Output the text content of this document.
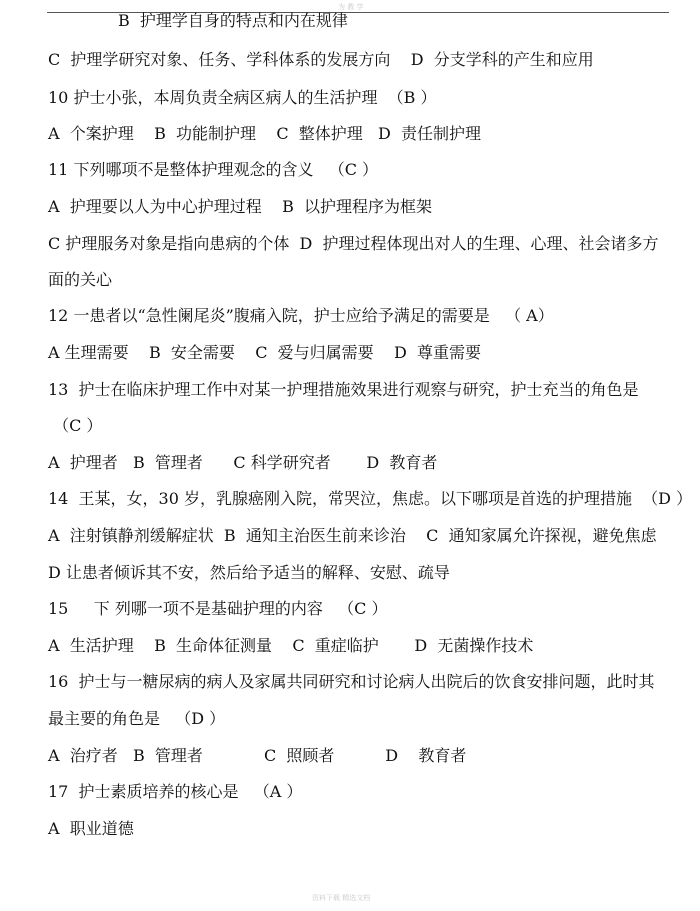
为 教 学
B  护理学自身的特点和内在规律
C  护理学研究对象、任务、学科体系的发展方向    D  分支学科的产生和应用
10 护士小张，本周负责全病区病人的生活护理  （B ）
A  个案护理    B  功能制护理    C  整体护理   D  责任制护理
11 下列哪项不是整体护理观念的含义   （C ）
A  护理要以人为中心护理过程    B  以护理程序为框架
C 护理服务对象是指向患病的个体  D  护理过程体现出对人的生理、心理、社会诸多方
面的关心
12 一患者以“急性阑尾炎”腹痛入院，护士应给予满足的需要是   （ A）
A 生理需要    B  安全需要    C  爱与归属需要    D  尊重需要
13  护士在临床护理工作中对某一护理措施效果进行观察与研究，护士充当的角色是
（C ）
A  护理者   B  管理者      C 科学研究者       D  教育者
14  王某，女，30 岁，乳腺癌刚入院，常哭泣，焦虑。以下哪项是首选的护理措施  （D ）
A  注射镇静剂缓解症状  B  通知主治医生前来诊治    C  通知家属允许探视，避免焦虑
D 让患者倾诉其不安，然后给予适当的解释、安慰、疏导
15     下 列哪一项不是基础护理的内容   （C ）
A  生活护理    B  生命体征测量    C  重症临护       D  无菌操作技术
16  护士与一糖尿病的病人及家属共同研究和讨论病人出院后的饮食安排问题，此时其
最主要的角色是   （D ）
A  治疗者   B  管理者            C  照顾者          D    教育者
17  护士素质培养的核心是   （A ）
A  职业道德
资料下载 精选文档
